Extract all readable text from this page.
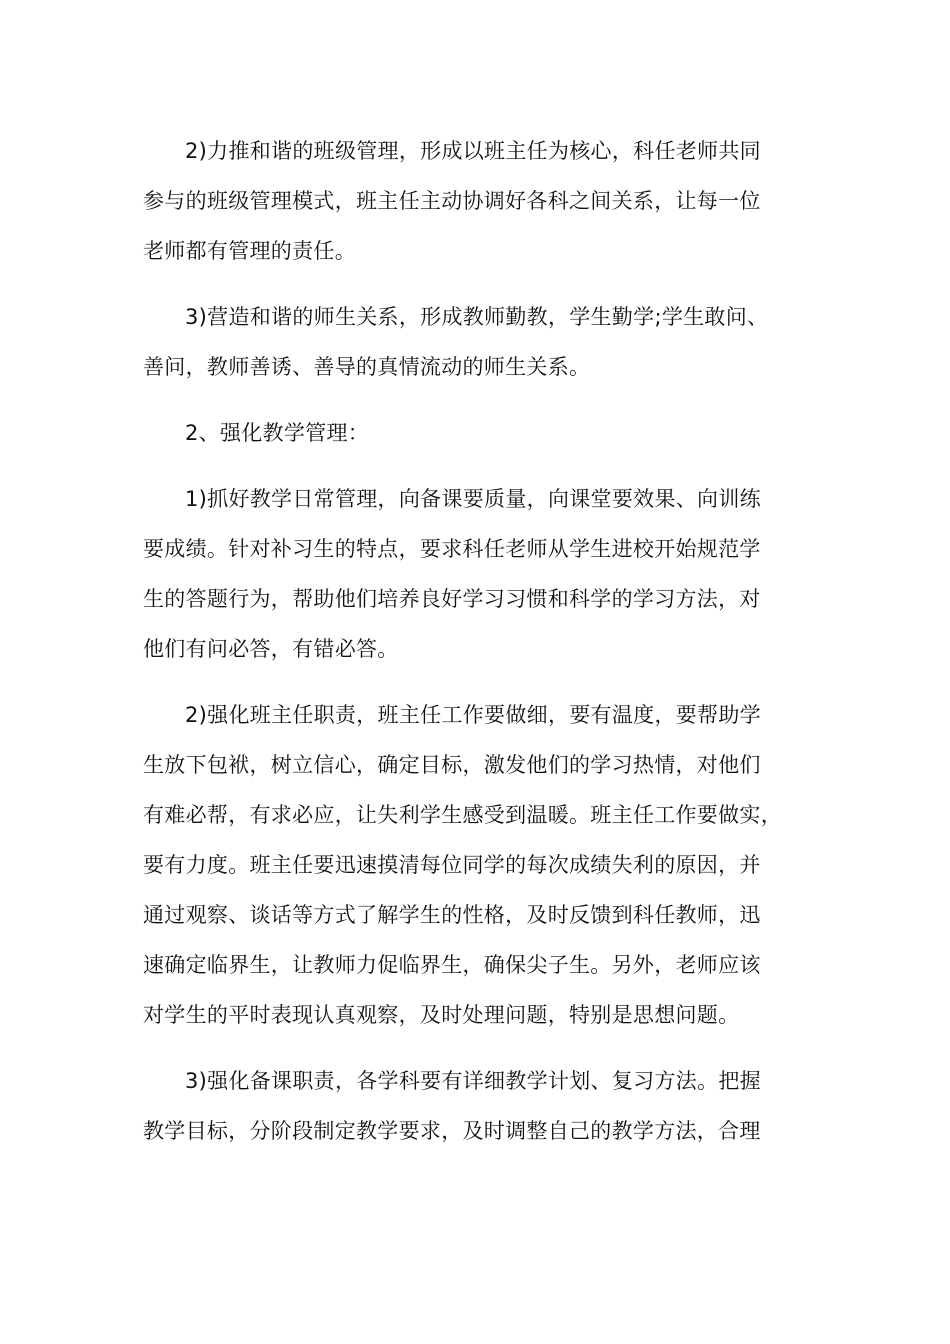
2)力推和谐的班级管理，形成以班主任为核心，科任老师共同
参与的班级管理模式，班主任主动协调好各科之间关系，让每一位
老师都有管理的责任。

3)营造和谐的师生关系，形成教师勤教，学生勤学;学生敢问、
善问，教师善诱、善导的真情流动的师生关系。

2、强化教学管理：

1)抓好教学日常管理，向备课要质量，向课堂要效果、向训练
要成绩。针对补习生的特点，要求科任老师从学生进校开始规范学
生的答题行为，帮助他们培养良好学习习惯和科学的学习方法，对
他们有问必答，有错必答。

2)强化班主任职责，班主任工作要做细，要有温度，要帮助学
生放下包袱，树立信心，确定目标，激发他们的学习热情，对他们
有难必帮，有求必应，让失利学生感受到温暖。班主任工作要做实，
要有力度。班主任要迅速摸清每位同学的每次成绩失利的原因，并
通过观察、谈话等方式了解学生的性格，及时反馈到科任教师，迅
速确定临界生，让教师力促临界生，确保尖子生。另外，老师应该
对学生的平时表现认真观察，及时处理问题，特别是思想问题。

3)强化备课职责，各学科要有详细教学计划、复习方法。把握
教学目标，分阶段制定教学要求，及时调整自己的教学方法，合理
